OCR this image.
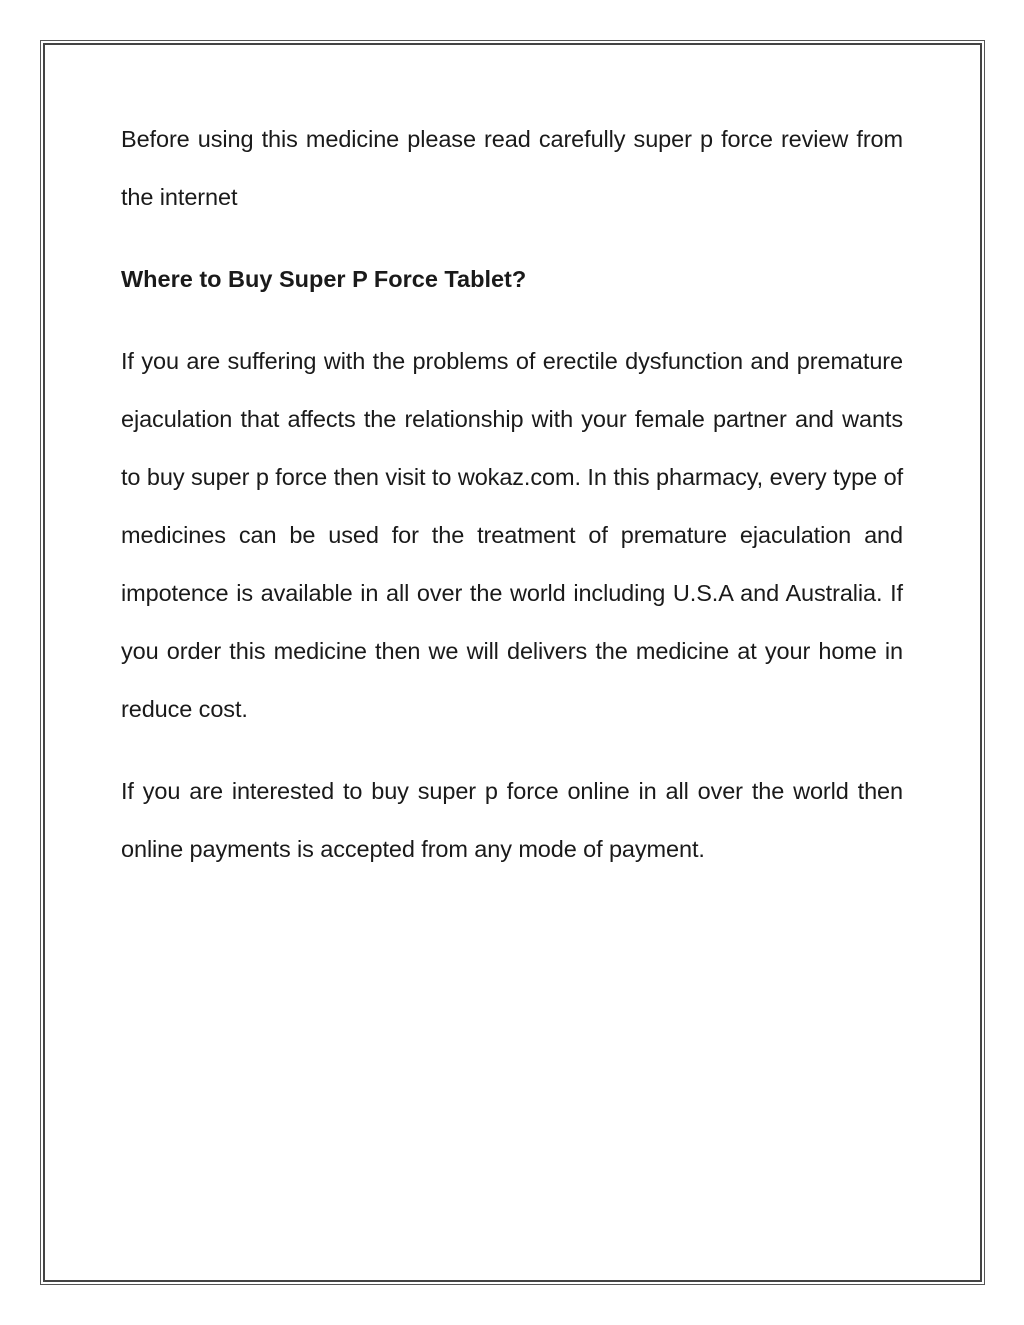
Before using this medicine please read carefully super p force review from the internet

Where to Buy Super P Force Tablet?

If you are suffering with the problems of erectile dysfunction and premature ejaculation that affects the relationship with your female partner and wants to buy super p force then visit to wokaz.com. In this pharmacy, every type of medicines can be used for the treatment of premature ejaculation and impotence is available in all over the world including U.S.A and Australia. If you order this medicine then we will delivers the medicine at your home in reduce cost.

If you are interested to buy super p force online in all over the world then online payments is accepted from any mode of payment.
